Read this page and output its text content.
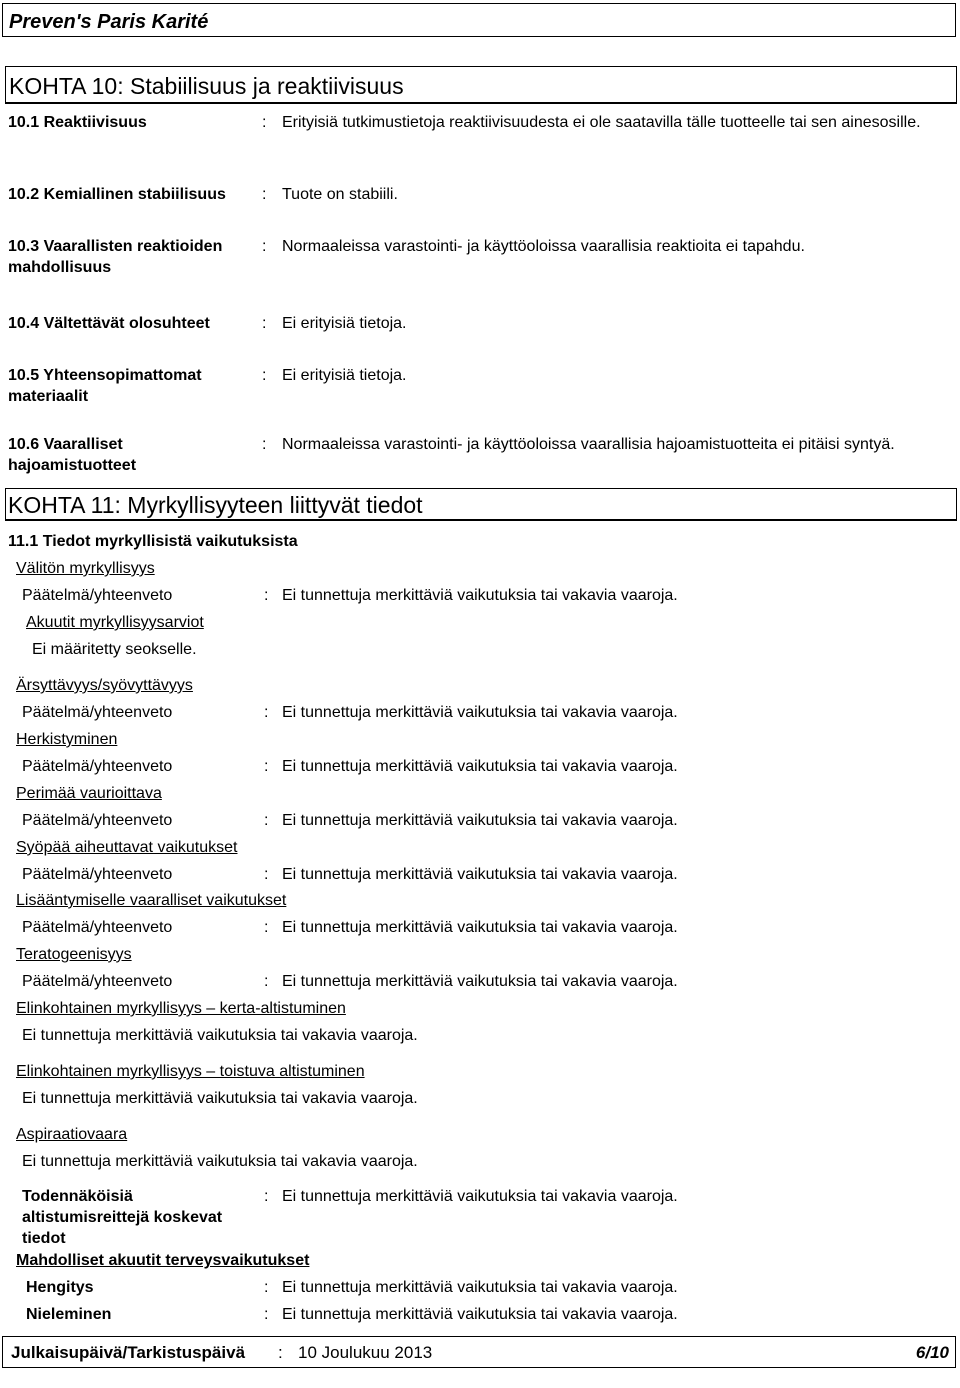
Preven's Paris Karité
KOHTA 10: Stabiilisuus ja reaktiivisuus
10.1 Reaktiivisuus	: Erityisiä tutkimustietoja reaktiivisuudesta ei ole saatavilla tälle tuotteelle tai sen ainesosille.
10.2 Kemiallinen stabiilisuus	: Tuote on stabiili.
10.3 Vaarallisten reaktioiden mahdollisuus
: Normaaleissa varastointi- ja käyttöoloissa vaarallisia reaktioita ei tapahdu.
10.4 Vältettävät olosuhteet	: Ei erityisiä tietoja.
10.5 Yhteensopimattomat materiaalit
: Ei erityisiä tietoja.
10.6 Vaaralliset hajoamistuotteet
: Normaaleissa varastointi- ja käyttöoloissa vaarallisia hajoamistuotteita ei pitäisi syntyä.
KOHTA 11: Myrkyllisyyteen liittyvät tiedot
11.1 Tiedot myrkyllisistä vaikutuksista
Välitön myrkyllisyys
Päätelmä/yhteenveto	: Ei tunnettuja merkittäviä vaikutuksia tai vakavia vaaroja.
Akuutit myrkyllisyysarviot
Ei määritetty seokselle.
Ärsyttävyys/syövyttävyys
Päätelmä/yhteenveto	: Ei tunnettuja merkittäviä vaikutuksia tai vakavia vaaroja.
Herkistyminen
Päätelmä/yhteenveto	: Ei tunnettuja merkittäviä vaikutuksia tai vakavia vaaroja.
Perimää vaurioittava
Päätelmä/yhteenveto	: Ei tunnettuja merkittäviä vaikutuksia tai vakavia vaaroja.
Syöpää aiheuttavat vaikutukset
Päätelmä/yhteenveto	: Ei tunnettuja merkittäviä vaikutuksia tai vakavia vaaroja.
Lisääntymiselle vaaralliset vaikutukset
Päätelmä/yhteenveto	: Ei tunnettuja merkittäviä vaikutuksia tai vakavia vaaroja.
Teratogeenisyys
Päätelmä/yhteenveto	: Ei tunnettuja merkittäviä vaikutuksia tai vakavia vaaroja.
Elinkohtainen myrkyllisyys – kerta-altistuminen
Ei tunnettuja merkittäviä vaikutuksia tai vakavia vaaroja.
Elinkohtainen myrkyllisyys – toistuva altistuminen
Ei tunnettuja merkittäviä vaikutuksia tai vakavia vaaroja.
Aspiraatiovaara
Ei tunnettuja merkittäviä vaikutuksia tai vakavia vaaroja.
Todennäköisiä altistumisreittejä koskevat tiedot
: Ei tunnettuja merkittäviä vaikutuksia tai vakavia vaaroja.
Mahdolliset akuutit terveysvaikutukset
Hengitys	: Ei tunnettuja merkittäviä vaikutuksia tai vakavia vaaroja.
Nieleminen	: Ei tunnettuja merkittäviä vaikutuksia tai vakavia vaaroja.
Julkaisupäivä/Tarkistuspäivä : 10 Joulukuu 2013	6/10
